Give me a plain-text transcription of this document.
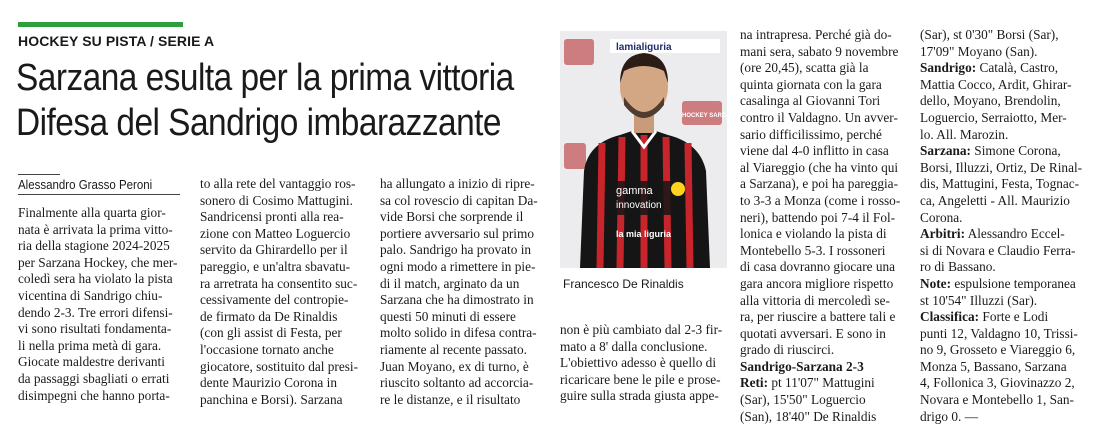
HOCKEY SU PISTA / SERIE A
Sarzana esulta per la prima vittoria
Difesa del Sandrigo imbarazzante
Alessandro Grasso Peroni
Finalmente alla quarta gior-
nata è arrivata la prima vitto-
ria della stagione 2024-2025
per Sarzana Hockey, che mer-
coledì sera ha violato la pista
vicentina di Sandrigo chiu-
dendo 2-3. Tre errori difensi-
vi sono risultati fondamenta-
li nella prima metà di gara.
Giocate maldestre derivanti
da passaggi sbagliati o errati
disimpegni che hanno porta-
to alla rete del vantaggio ros-
sonero di Cosimo Mattugini.
Sandricensi pronti alla rea-
zione con Matteo Loguercio
servito da Ghirardello per il
pareggio, e un'altra sbavatu-
ra arretrata ha consentito suc-
cessivamente del contropie-
de firmato da De Rinaldis
(con gli assist di Festa, per
l'occasione tornato anche
giocatore, sostituito dal presi-
dente Maurizio Corona in
panchina e Borsi). Sarzana
ha allungato a inizio di ripre-
sa col rovescio di capitan Da-
vide Borsi che sorprende il
portiere avversario sul primo
palo. Sandrigo ha provato in
ogni modo a rimettere in pie-
di il match, arginato da un
Sarzana che ha dimostrato in
questi 50 minuti di essere
molto solido in difesa contra-
riamente al recente passato.
Juan Moyano, ex di turno, è
riuscito soltanto ad accorcia-
re le distanze, e il risultato
lamialiguria
HOCKEY SARZANA
gamma
innovation
la mia liguria
Francesco De Rinaldis
non è più cambiato dal 2-3 fir-
mato a 8' dalla conclusione.
L'obiettivo adesso è quello di
ricaricare bene le pile e prose-
guire sulla strada giusta appe-
na intrapresa. Perché già do-
mani sera, sabato 9 novembre
(ore 20,45), scatta già la
quinta giornata con la gara
casalinga al Giovanni Tori
contro il Valdagno. Un avver-
sario difficilissimo, perché
viene dal 4-0 inflitto in casa
al Viareggio (che ha vinto qui
a Sarzana), e poi ha pareggia-
to 3-3 a Monza (come i rosso-
neri), battendo poi 7-4 il Fol-
lonica e violando la pista di
Montebello 5-3. I rossoneri
di casa dovranno giocare una
gara ancora migliore rispetto
alla vittoria di mercoledì se-
ra, per riuscire a battere tali e
quotati avversari. E sono in
grado di riuscirci.
Sandrigo-Sarzana 2-3
Reti: pt 11'07" Mattugini
(Sar), 15'50" Loguercio
(San), 18'40" De Rinaldis
(Sar), st 0'30" Borsi (Sar),
17'09" Moyano (San).
Sandrigo: Català, Castro,
Mattia Cocco, Ardit, Ghirar-
dello, Moyano, Brendolin,
Loguercio, Serraiotto, Mer-
lo. All. Marozin.
Sarzana: Simone Corona,
Borsi, Illuzzi, Ortiz, De Rinal-
dis, Mattugini, Festa, Tognac-
ca, Angeletti - All. Maurizio
Corona.
Arbitri: Alessandro Eccel-
si di Novara e Claudio Ferra-
ro di Bassano.
Note: espulsione temporanea
st 10'54" Illuzzi (Sar).
Classifica: Forte e Lodi
punti 12, Valdagno 10, Trissi-
no 9, Grosseto e Viareggio 6,
Monza 5, Bassano, Sarzana
4, Follonica 3, Giovinazzo 2,
Novara e Montebello 1, San-
drigo 0. —
